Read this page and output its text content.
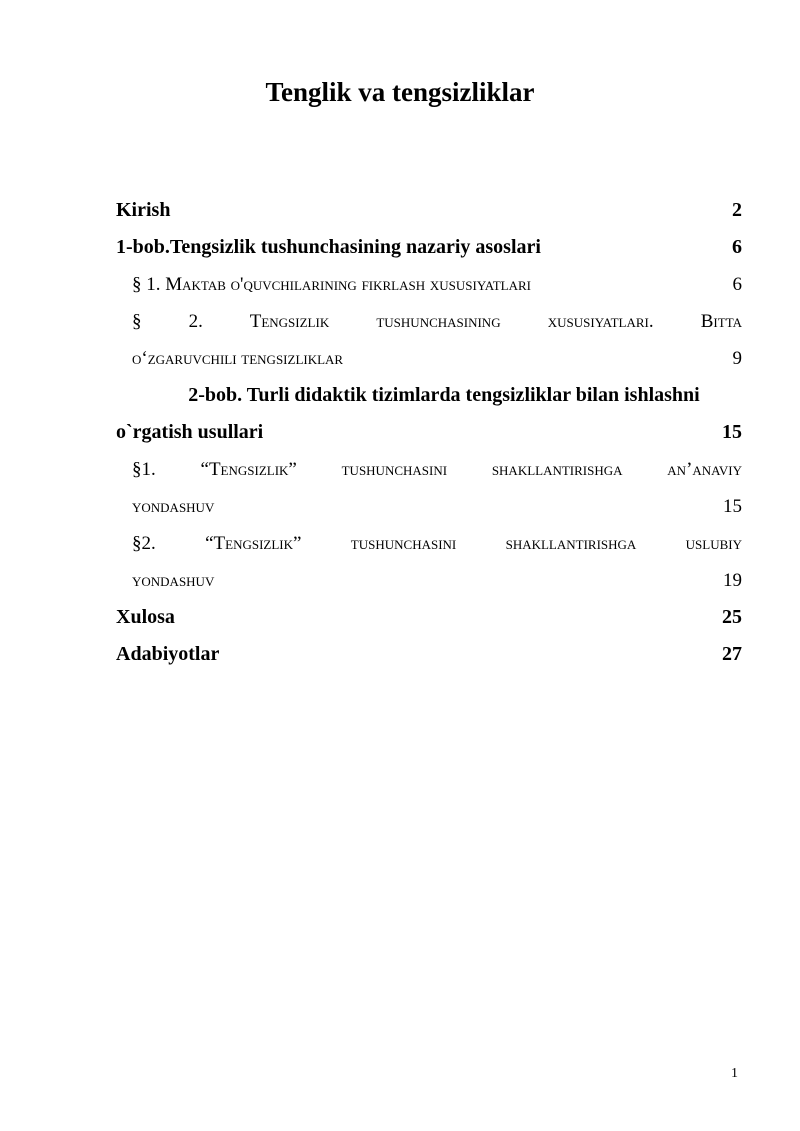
Tenglik va tengsizliklar
Kirish	2
1-bob.Tengsizlik tushunchasining nazariy asoslari	6
§ 1. Maktab o'quvchilarining fikrlash xususiyatlari	6
§ 2. Tengsizlik tushunchasining xususiyatlari. Bitta
oʻzgaruvchili tengsizliklar	9
2-bob. Turli didaktik tizimlarda tengsizliklar bilan ishlashni
o`rgatish usullari	15
§1. “Tengsizlik” tushunchasini shakllantirishga an’anaviy
yondashuv	15
§2. “Tengsizlik” tushunchasini shakllantirishga uslubiy
yondashuv	19
Xulosa	25
Adabiyotlar	27
1
